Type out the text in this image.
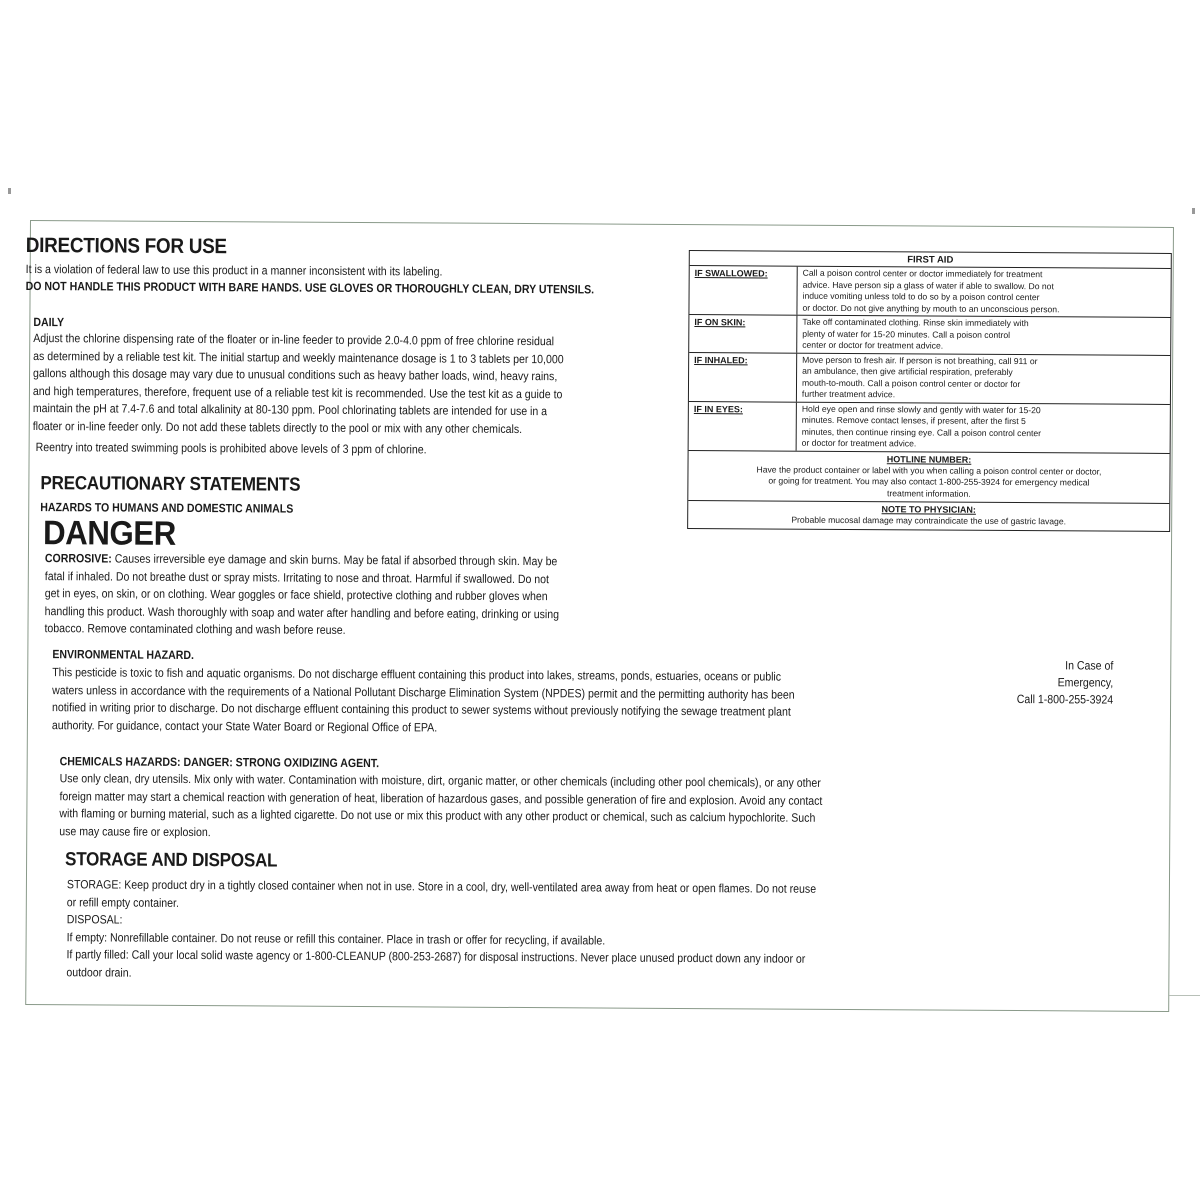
DIRECTIONS FOR USE
It is a violation of federal law to use this product in a manner inconsistent with its labeling.
DO NOT HANDLE THIS PRODUCT WITH BARE HANDS. USE GLOVES OR THOROUGHLY CLEAN, DRY UTENSILS.
DAILY
Adjust the chlorine dispensing rate of the floater or in-line feeder to provide 2.0-4.0 ppm of free chlorine residual
as determined by a reliable test kit. The initial startup and weekly maintenance dosage is 1 to 3 tablets per 10,000
gallons although this dosage may vary due to unusual conditions such as heavy bather loads, wind, heavy rains,
and high temperatures, therefore, frequent use of a reliable test kit is recommended. Use the test kit as a guide to
maintain the pH at 7.4-7.6 and total alkalinity at 80-130 ppm. Pool chlorinating tablets are intended for use in a
floater or in-line feeder only. Do not add these tablets directly to the pool or mix with any other chemicals.
Reentry into treated swimming pools is prohibited above levels of 3 ppm of chlorine.
PRECAUTIONARY STATEMENTS
HAZARDS TO HUMANS AND DOMESTIC ANIMALS
DANGER
CORROSIVE: Causes irreversible eye damage and skin burns. May be fatal if absorbed through skin. May be
fatal if inhaled. Do not breathe dust or spray mists. Irritating to nose and throat. Harmful if swallowed. Do not
get in eyes, on skin, or on clothing. Wear goggles or face shield, protective clothing and rubber gloves when
handling this product. Wash thoroughly with soap and water after handling and before eating, drinking or using
tobacco. Remove contaminated clothing and wash before reuse.
ENVIRONMENTAL HAZARD.
This pesticide is toxic to fish and aquatic organisms. Do not discharge effluent containing this product into lakes, streams, ponds, estuaries, oceans or public
waters unless in accordance with the requirements of a National Pollutant Discharge Elimination System (NPDES) permit and the permitting authority has been
notified in writing prior to discharge. Do not discharge effluent containing this product to sewer systems without previously notifying the sewage treatment plant
authority. For guidance, contact your State Water Board or Regional Office of EPA.
CHEMICALS HAZARDS: DANGER: STRONG OXIDIZING AGENT.
Use only clean, dry utensils. Mix only with water. Contamination with moisture, dirt, organic matter, or other chemicals (including other pool chemicals), or any other
foreign matter may start a chemical reaction with generation of heat, liberation of hazardous gases, and possible generation of fire and explosion. Avoid any contact
with flaming or burning material, such as a lighted cigarette. Do not use or mix this product with any other product or chemical, such as calcium hypochlorite. Such
use may cause fire or explosion.
STORAGE AND DISPOSAL
STORAGE: Keep product dry in a tightly closed container when not in use. Store in a cool, dry, well-ventilated area away from heat or open flames. Do not reuse
or refill empty container.
DISPOSAL:
If empty: Nonrefillable container. Do not reuse or refill this container. Place in trash or offer for recycling, if available.
If partly filled: Call your local solid waste agency or 1-800-CLEANUP (800-253-2687) for disposal instructions. Never place unused product down any indoor or
outdoor drain.
FIRST AID
IF SWALLOWED:	Call a poison control center or doctor immediately for treatment
advice. Have person sip a glass of water if able to swallow. Do not
induce vomiting unless told to do so by a poison control center
or doctor. Do not give anything by mouth to an unconscious person.
IF ON SKIN:	Take off contaminated clothing. Rinse skin immediately with
plenty of water for 15-20 minutes. Call a poison control
center or doctor for treatment advice.
IF INHALED:	Move person to fresh air. If person is not breathing, call 911 or
an ambulance, then give artificial respiration, preferably
mouth-to-mouth. Call a poison control center or doctor for
further treatment advice.
IF IN EYES:	Hold eye open and rinse slowly and gently with water for 15-20
minutes. Remove contact lenses, if present, after the first 5
minutes, then continue rinsing eye. Call a poison control center
or doctor for treatment advice.
HOTLINE NUMBER:
Have the product container or label with you when calling a poison control center or doctor,
or going for treatment. You may also contact 1-800-255-3924 for emergency medical
treatment information.
NOTE TO PHYSICIAN:
Probable mucosal damage may contraindicate the use of gastric lavage.
In Case of Emergency,
Call 1-800-255-3924
